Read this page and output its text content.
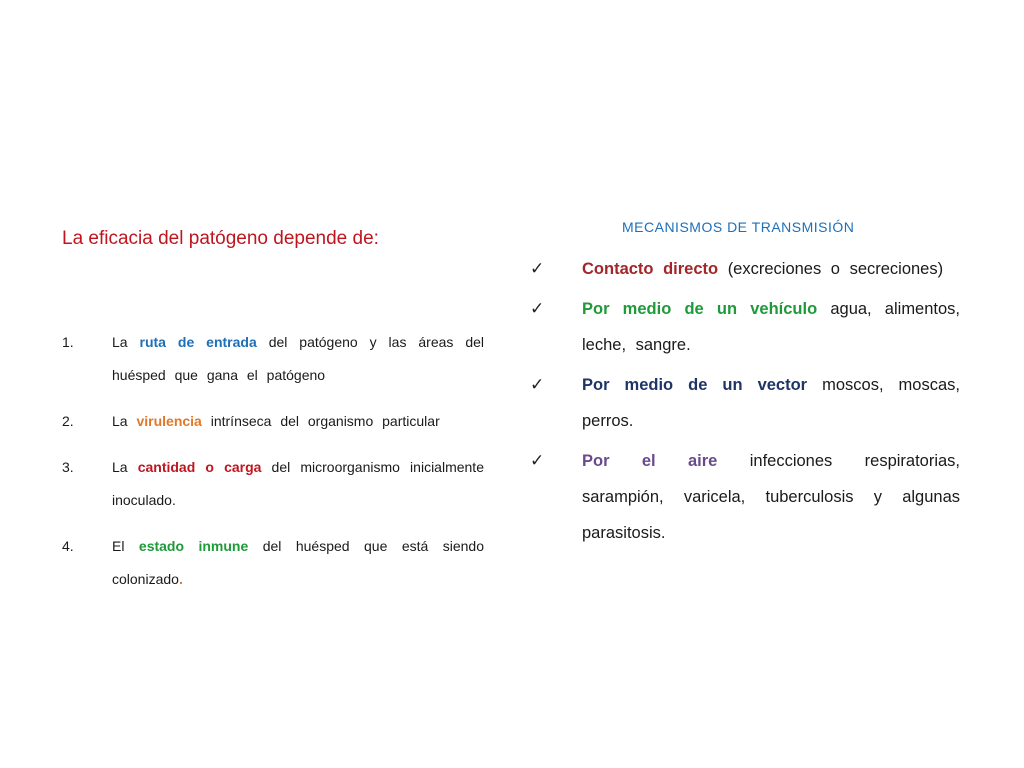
La eficacia del patógeno depende de:
1.	La ruta de entrada del patógeno y las áreas del huésped que gana el patógeno
2.	La virulencia intrínseca del organismo particular
3.	La cantidad o carga del microorganismo inicialmente inoculado.
4.	El estado inmune del huésped que está siendo colonizado.
MECANISMOS DE TRANSMISIÓN
✓	Contacto directo (excreciones o secreciones)
✓	Por medio de un vehículo agua, alimentos, leche, sangre.
✓	Por medio de un vector moscos, moscas, perros.
✓	Por el aire infecciones respiratorias, sarampión, varicela, tuberculosis y algunas parasitosis.
